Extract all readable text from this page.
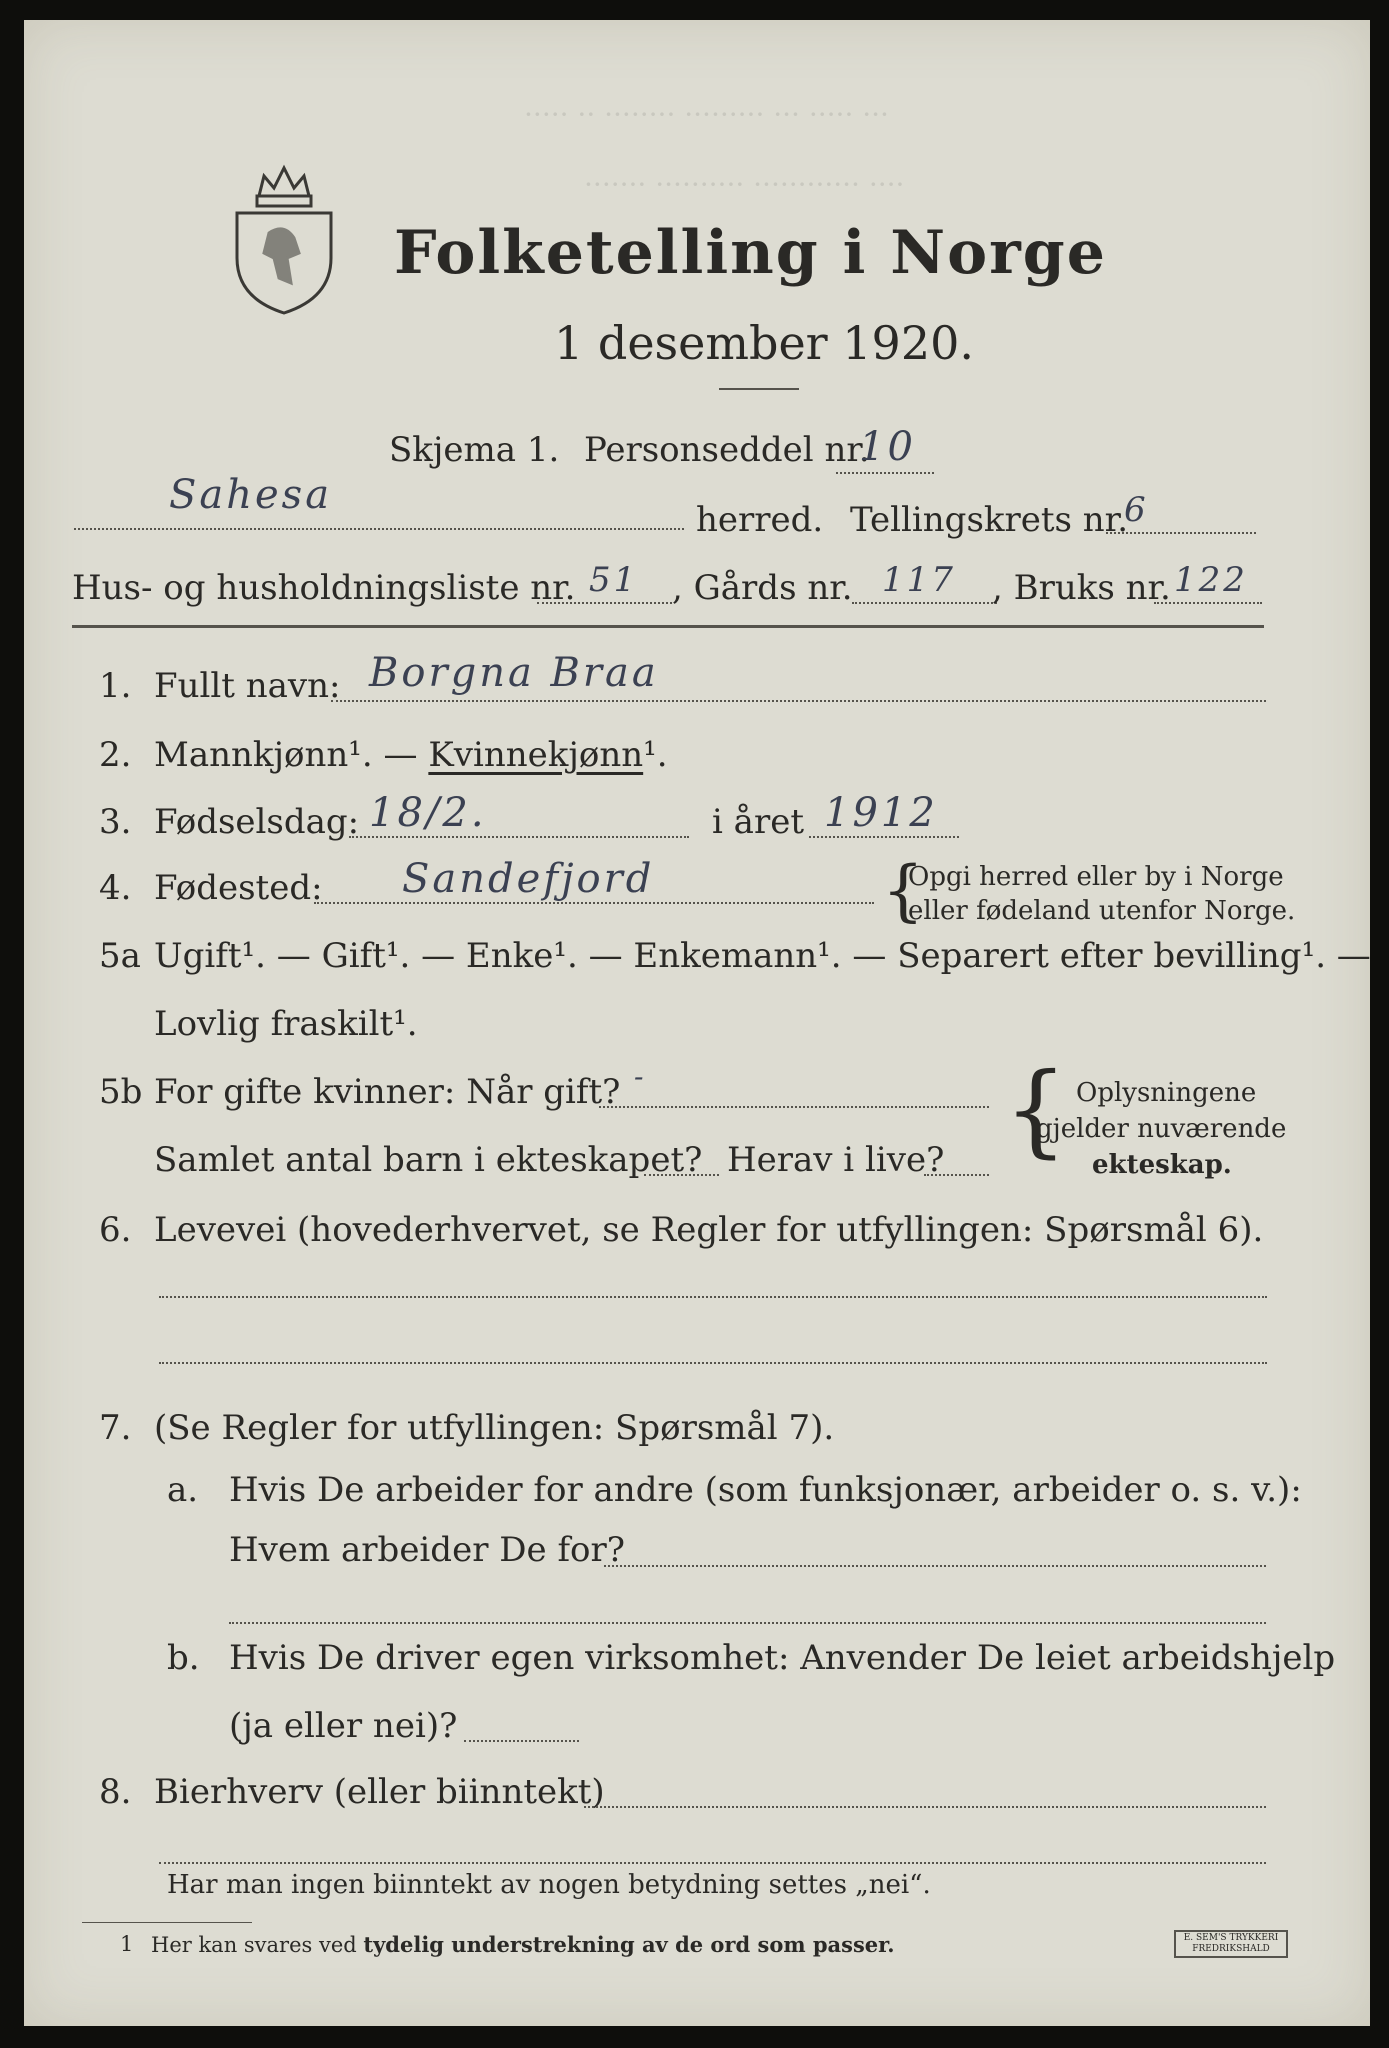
··· ····· ··· ········· ········ ·· ·····
···· ············ ·········· ·······
Folketelling i Norge
1 desember 1920.
Skjema 1. Personseddel nr.
10
Sahesa
herred. Tellingskrets nr.
6
Hus- og husholdningsliste nr. 51 , Gårds nr. 117 , Bruks nr. 122
1. Fullt navn: Borgna Braa
2. Mannkjønn¹. — Kvinnekjønn¹.
3. Fødselsdag: 18/2.	i året 1912
4. Fødested: Sandefjord	{
Opgi herred eller by i Norge
eller fødeland utenfor Norge.
5a Ugift¹. — Gift¹. — Enke¹. — Enkemann¹. — Separert efter bevilling¹. —
Lovlig fraskilt¹.
5b For gifte kvinner: Når gift? -
Samlet antal barn i ekteskapet? Herav i live? { Oplysningene
gjelder nuværende
ekteskap.
6. Levevei (hovederhvervet, se Regler for utfyllingen: Spørsmål 6).
7. (Se Regler for utfyllingen: Spørsmål 7).
a. Hvis De arbeider for andre (som funksjonær, arbeider o. s. v.):
Hvem arbeider De for?
b. Hvis De driver egen virksomhet: Anvender De leiet arbeidshjelp
(ja eller nei)?
8. Bierhverv (eller biinntekt)
Har man ingen biinntekt av nogen betydning settes „nei“.
1 Her kan svares ved tydelig understrekning av de ord som passer.	E. SEM'S TRYKKERI
FREDRIKSHALD
